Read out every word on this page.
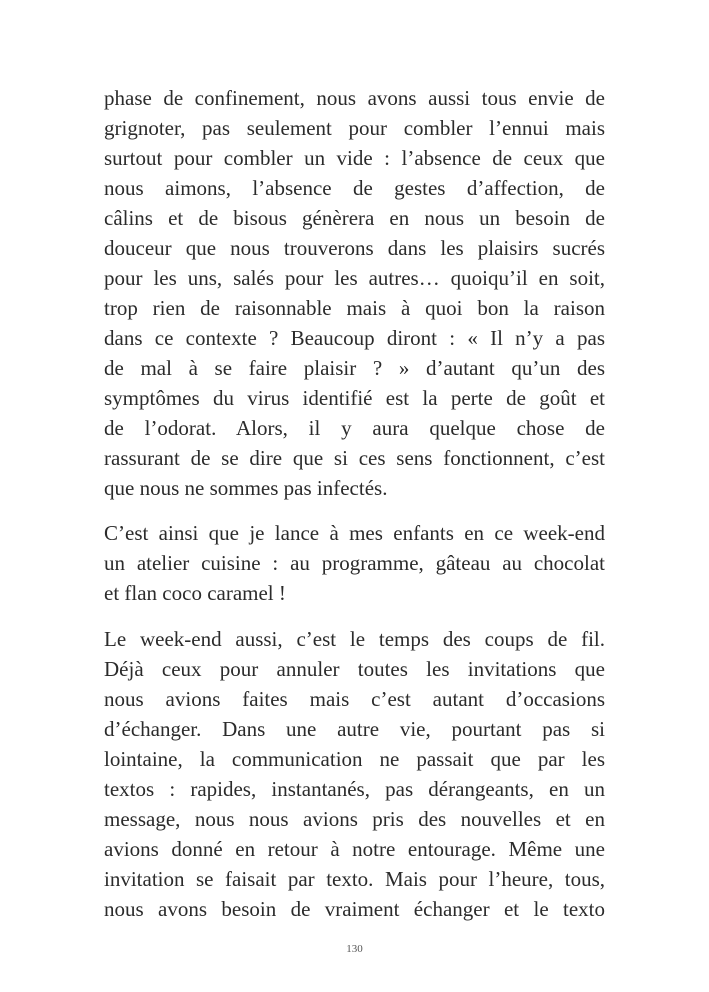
phase de confinement, nous avons aussi tous envie de
grignoter, pas seulement pour combler l’ennui mais
surtout pour combler un vide : l’absence de ceux que
nous aimons, l’absence de gestes d’affection, de
câlins et de bisous génèrera en nous un besoin de
douceur que nous trouverons dans les plaisirs sucrés
pour les uns, salés pour les autres… quoiqu’il en soit,
trop rien de raisonnable mais à quoi bon la raison
dans ce contexte ? Beaucoup diront : « Il n’y a pas
de mal à se faire plaisir ? » d’autant qu’un des
symptômes du virus identifié est la perte de goût et
de l’odorat. Alors, il y aura quelque chose de
rassurant de se dire que si ces sens fonctionnent, c’est
que nous ne sommes pas infectés.
C’est ainsi que je lance à mes enfants en ce week-end
un atelier cuisine : au programme, gâteau au chocolat
et flan coco caramel !
Le week-end aussi, c’est le temps des coups de fil.
Déjà ceux pour annuler toutes les invitations que
nous avions faites mais c’est autant d’occasions
d’échanger. Dans une autre vie, pourtant pas si
lointaine, la communication ne passait que par les
textos : rapides, instantanés, pas dérangeants, en un
message, nous nous avions pris des nouvelles et en
avions donné en retour à notre entourage. Même une
invitation se faisait par texto. Mais pour l’heure, tous,
nous avons besoin de vraiment échanger et le texto
130
